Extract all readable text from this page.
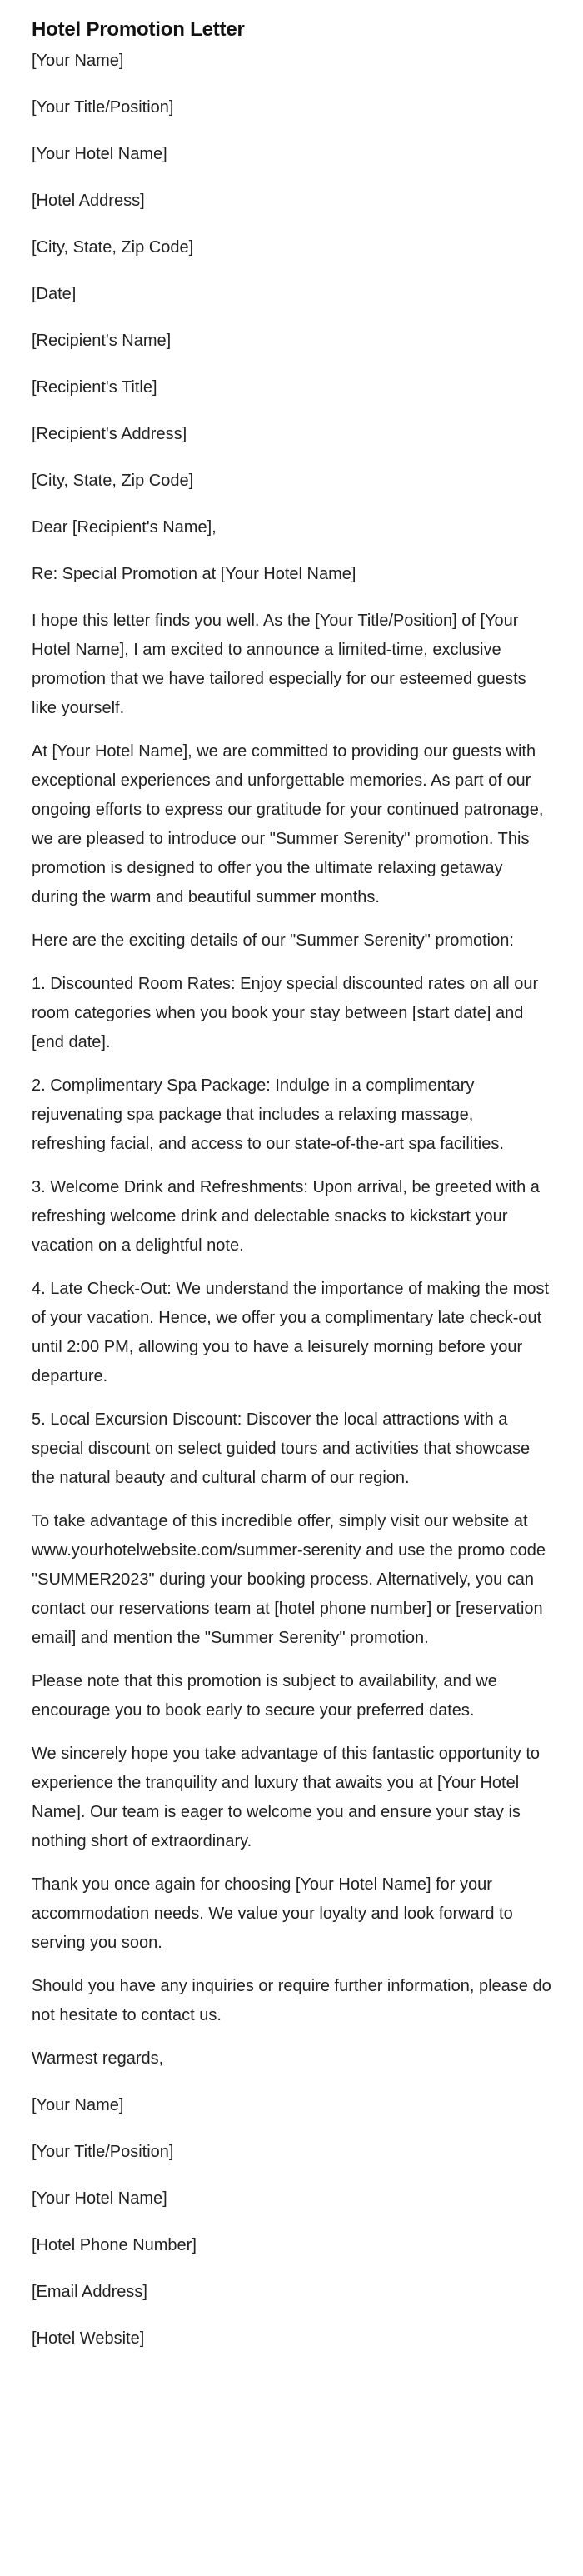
Hotel Promotion Letter
[Your Name]
[Your Title/Position]
[Your Hotel Name]
[Hotel Address]
[City, State, Zip Code]
[Date]
[Recipient's Name]
[Recipient's Title]
[Recipient's Address]
[City, State, Zip Code]
Dear [Recipient's Name],
Re: Special Promotion at [Your Hotel Name]
I hope this letter finds you well. As the [Your Title/Position] of [Your Hotel Name], I am excited to announce a limited-time, exclusive promotion that we have tailored especially for our esteemed guests like yourself.
At [Your Hotel Name], we are committed to providing our guests with exceptional experiences and unforgettable memories. As part of our ongoing efforts to express our gratitude for your continued patronage, we are pleased to introduce our "Summer Serenity" promotion. This promotion is designed to offer you the ultimate relaxing getaway during the warm and beautiful summer months.
Here are the exciting details of our "Summer Serenity" promotion:
1. Discounted Room Rates: Enjoy special discounted rates on all our room categories when you book your stay between [start date] and [end date].
2. Complimentary Spa Package: Indulge in a complimentary rejuvenating spa package that includes a relaxing massage, refreshing facial, and access to our state-of-the-art spa facilities.
3. Welcome Drink and Refreshments: Upon arrival, be greeted with a refreshing welcome drink and delectable snacks to kickstart your vacation on a delightful note.
4. Late Check-Out: We understand the importance of making the most of your vacation. Hence, we offer you a complimentary late check-out until 2:00 PM, allowing you to have a leisurely morning before your departure.
5. Local Excursion Discount: Discover the local attractions with a special discount on select guided tours and activities that showcase the natural beauty and cultural charm of our region.
To take advantage of this incredible offer, simply visit our website at www.yourhotelwebsite.com/summer-serenity and use the promo code "SUMMER2023" during your booking process. Alternatively, you can contact our reservations team at [hotel phone number] or [reservation email] and mention the "Summer Serenity" promotion.
Please note that this promotion is subject to availability, and we encourage you to book early to secure your preferred dates.
We sincerely hope you take advantage of this fantastic opportunity to experience the tranquility and luxury that awaits you at [Your Hotel Name]. Our team is eager to welcome you and ensure your stay is nothing short of extraordinary.
Thank you once again for choosing [Your Hotel Name] for your accommodation needs. We value your loyalty and look forward to serving you soon.
Should you have any inquiries or require further information, please do not hesitate to contact us.
Warmest regards,
[Your Name]
[Your Title/Position]
[Your Hotel Name]
[Hotel Phone Number]
[Email Address]
[Hotel Website]
